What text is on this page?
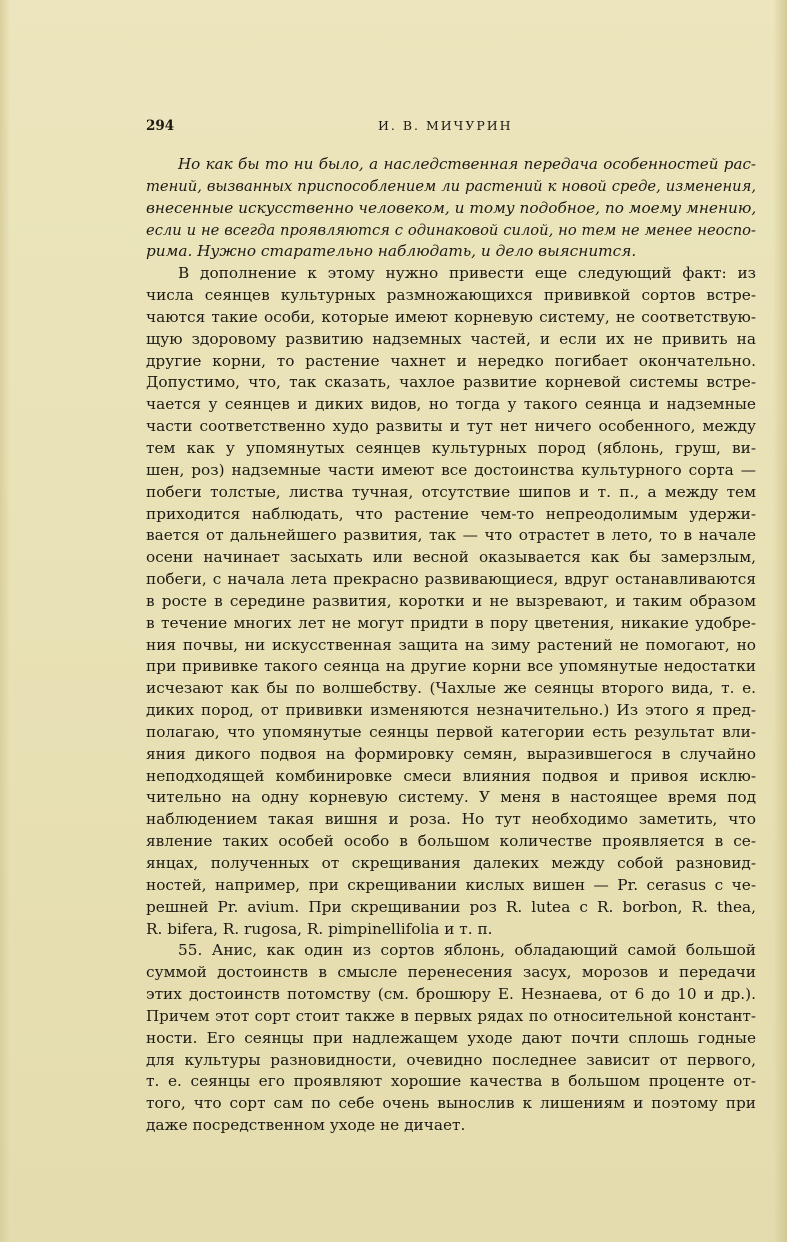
294	И. В. МИЧУРИН
Но как бы то ни было, а наследственная передача особенностей рас-
тений, вызванных приспособлением ли растений к новой среде, изменения,
внесенные искусственно человеком, и тому подобное, по моему мнению,
если и не всегда проявляются с одинаковой силой, но тем не менее неоспо-
рима. Нужно старательно наблюдать, и дело выяснится.
В дополнение к этому нужно привести еще следующий факт: из
числа сеянцев культурных размножающихся прививкой сортов встре-
чаются такие особи, которые имеют корневую систему, не соответствую-
щую здоровому развитию надземных частей, и если их не привить на
другие корни, то растение чахнет и нередко погибает окончательно.
Допустимо, что, так сказать, чахлое развитие корневой системы встре-
чается у сеянцев и диких видов, но тогда у такого сеянца и надземные
части соответственно худо развиты и тут нет ничего особенного, между
тем как у упомянутых сеянцев культурных пород (яблонь, груш, ви-
шен, роз) надземные части имеют все достоинства культурного сорта —
побеги толстые, листва тучная, отсутствие шипов и т. п., а между тем
приходится наблюдать, что растение чем-то непреодолимым удержи-
вается от дальнейшего развития, так — что отрастет в лето, то в начале
осени начинает засыхать или весной оказывается как бы замерзлым,
побеги, с начала лета прекрасно развивающиеся, вдруг останавливаются
в росте в середине развития, коротки и не вызревают, и таким образом
в течение многих лет не могут придти в пору цветения, никакие удобре-
ния почвы, ни искусственная защита на зиму растений не помогают, но
при прививке такого сеянца на другие корни все упомянутые недостатки
исчезают как бы по волшебству. (Чахлые же сеянцы второго вида, т. е.
диких пород, от прививки изменяются незначительно.) Из этого я пред-
полагаю, что упомянутые сеянцы первой категории есть результат вли-
яния дикого подвоя на формировку семян, выразившегося в случайно
неподходящей комбинировке смеси влияния подвоя и привоя исклю-
чительно на одну корневую систему. У меня в настоящее время под
наблюдением такая вишня и роза. Но тут необходимо заметить, что
явление таких особей особо в большом количестве проявляется в се-
янцах, полученных от скрещивания далеких между собой разновид-
ностей, например, при скрещивании кислых вишен — Pr. cerasus с че-
решней Pr. avium. При скрещивании роз R. lutea с R. borbon, R. thea,
R. bifera, R. rugosa, R. pimpinellifolia и т. п.
55. Анис, как один из сортов яблонь, обладающий самой большой
суммой достоинств в смысле перенесения засух, морозов и передачи
этих достоинств потомству (см. брошюру Е. Незнаева, от 6 до 10 и др.).
Причем этот сорт стоит также в первых рядах по относительной констант-
ности. Его сеянцы при надлежащем уходе дают почти сплошь годные
для культуры разновидности, очевидно последнее зависит от первого,
т. е. сеянцы его проявляют хорошие качества в большом проценте от-
того, что сорт сам по себе очень вынослив к лишениям и поэтому при
даже посредственном уходе не дичает.
